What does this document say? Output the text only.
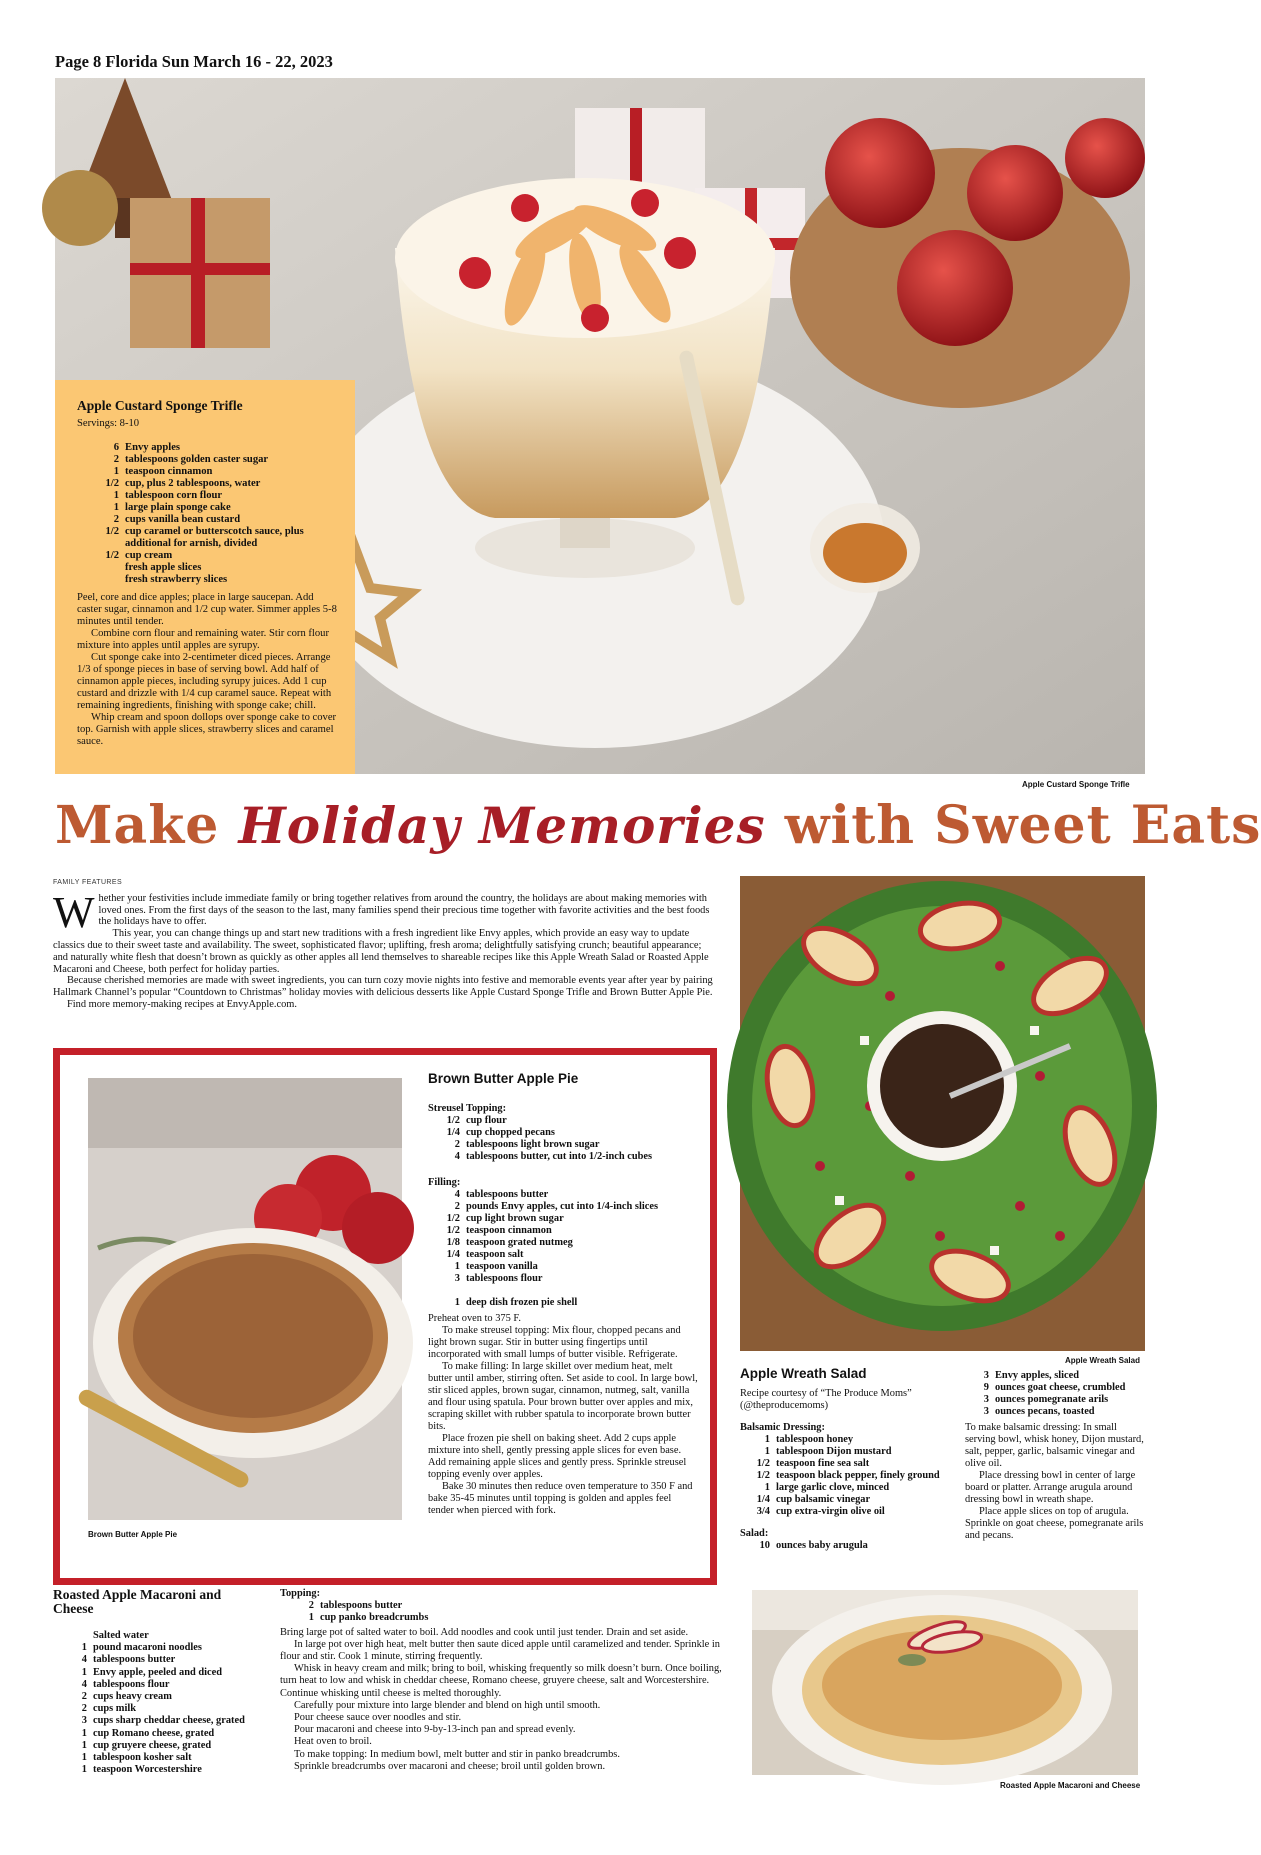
Page 8 Florida Sun March 16 - 22, 2023
Apple Custard Sponge Trifle
Apple Custard Sponge Trifle
Servings: 8-10
6 Envy apples
2 tablespoons golden caster sugar
1 teaspoon cinnamon
1/2 cup, plus 2 tablespoons, water
1 tablespoon corn flour
1 large plain sponge cake
2 cups vanilla bean custard
1/2 cup caramel or butterscotch sauce, plus additional for arnish, divided
1/2 cup cream
fresh apple slices
fresh strawberry slices

Peel, core and dice apples; place in large saucepan. Add caster sugar, cinnamon and 1/2 cup water. Simmer apples 5-8 minutes until tender.

Combine corn flour and remaining water. Stir corn flour mixture into apples until apples are syrupy.

Cut sponge cake into 2-centimeter diced pieces. Arrange 1/3 of sponge pieces in base of serving bowl. Add half of cinnamon apple pieces, including syrupy juices. Add 1 cup custard and drizzle with 1/4 cup caramel sauce. Repeat with remaining ingredients, finishing with sponge cake; chill.

Whip cream and spoon dollops over sponge cake to cover top. Garnish with apple slices, strawberry slices and caramel sauce.

Make Holiday Memories with Sweet Eats
FAMILY FEATURES

Whether your festivities include immediate family or bring together relatives from around the country, the holidays are about making memories with loved ones. From the first days of the season to the last, many families spend their precious time together with favorite activities and the best foods the holidays have to offer.

This year, you can change things up and start new traditions with a fresh ingredient like Envy apples, which provide an easy way to update classics due to their sweet taste and availability. The sweet, sophisticated flavor; uplifting, fresh aroma; delightfully satisfying crunch; beautiful appearance; and naturally white flesh that doesn’t brown as quickly as other apples all lend themselves to shareable recipes like this Apple Wreath Salad or Roasted Apple Macaroni and Cheese, both perfect for holiday parties.

Because cherished memories are made with sweet ingredients, you can turn cozy movie nights into festive and memorable events year after year by pairing Hallmark Channel’s popular “Countdown to Christmas” holiday movies with delicious desserts like Apple Custard Sponge Trifle and Brown Butter Apple Pie.

Find more memory-making recipes at EnvyApple.com.

Apple Wreath Salad
Brown Butter Apple Pie
Brown Butter Apple Pie
Streusel Topping:
1/2 cup flour
1/4 cup chopped pecans
2 tablespoons light brown sugar
4 tablespoons butter, cut into 1/2-inch cubes
Filling:
4 tablespoons butter
2 pounds Envy apples, cut into 1/4-inch slices
1/2 cup light brown sugar
1/2 teaspoon cinnamon
1/8 teaspoon grated nutmeg
1/4 teaspoon salt
1 teaspoon vanilla
3 tablespoons flour
1 deep dish frozen pie shell

Preheat oven to 375 F.

To make streusel topping: Mix flour, chopped pecans and light brown sugar. Stir in butter using fingertips until incorporated with small lumps of butter visible. Refrigerate.

To make filling: In large skillet over medium heat, melt butter until amber, stirring often. Set aside to cool. In large bowl, stir sliced apples, brown sugar, cinnamon, nutmeg, salt, vanilla and flour using spatula. Pour brown butter over apples and mix, scraping skillet with rubber spatula to incorporate brown butter bits.

Place frozen pie shell on baking sheet. Add 2 cups apple mixture into shell, gently pressing apple slices for even base. Add remaining apple slices and gently press. Sprinkle streusel topping evenly over apples.

Bake 30 minutes then reduce oven temperature to 350 F and bake 35-45 minutes until topping is golden and apples feel tender when pierced with fork.

Apple Wreath Salad
Recipe courtesy of “The Produce Moms” (@theproducemoms)
Balsamic Dressing:
1 tablespoon honey
1 tablespoon Dijon mustard
1/2 teaspoon fine sea salt
1/2 teaspoon black pepper, finely ground
1 large garlic clove, minced
1/4 cup balsamic vinegar
3/4 cup extra-virgin olive oil
Salad:
10 ounces baby arugula
3 Envy apples, sliced
9 ounces goat cheese, crumbled
3 ounces pomegranate arils
3 ounces pecans, toasted

To make balsamic dressing: In small serving bowl, whisk honey, Dijon mustard, salt, pepper, garlic, balsamic vinegar and olive oil.

Place dressing bowl in center of large board or platter. Arrange arugula around dressing bowl in wreath shape.

Place apple slices on top of arugula. Sprinkle on goat cheese, pomegranate arils and pecans.

Roasted Apple Macaroni and Cheese
Salted water
1 pound macaroni noodles
4 tablespoons butter
1 Envy apple, peeled and diced
4 tablespoons flour
2 cups heavy cream
2 cups milk
3 cups sharp cheddar cheese, grated
1 cup Romano cheese, grated
1 cup gruyere cheese, grated
1 tablespoon kosher salt
1 teaspoon Worcestershire
Topping:
2 tablespoons butter
1 cup panko breadcrumbs

Bring large pot of salted water to boil. Add noodles and cook until just tender. Drain and set aside.

In large pot over high heat, melt butter then saute diced apple until caramelized and tender. Sprinkle in flour and stir. Cook 1 minute, stirring frequently.

Whisk in heavy cream and milk; bring to boil, whisking frequently so milk doesn’t burn. Once boiling, turn heat to low and whisk in cheddar cheese, Romano cheese, gruyere cheese, salt and Worcestershire. Continue whisking until cheese is melted thoroughly.

Carefully pour mixture into large blender and blend on high until smooth.

Pour cheese sauce over noodles and stir.

Pour macaroni and cheese into 9-by-13-inch pan and spread evenly.

Heat oven to broil.

To make topping: In medium bowl, melt butter and stir in panko breadcrumbs.

Sprinkle breadcrumbs over macaroni and cheese; broil until golden brown.

Roasted Apple Macaroni and Cheese
